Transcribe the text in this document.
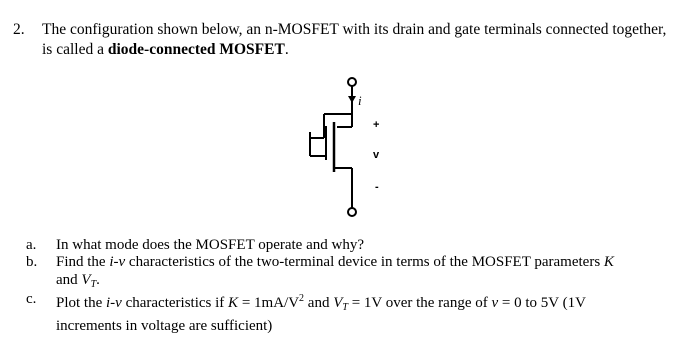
2. The configuration shown below, an n-MOSFET with its drain and gate terminals connected together, is called a diode-connected MOSFET.
i
+
v
-
a. In what mode does the MOSFET operate and why?
b. Find the i-v characteristics of the two-terminal device in terms of the MOSFET parameters K
and $V_T$.
c. Plot the i-v characteristics if $K = 1mA/V^2$ and $V_T = 1V$ over the range of v = 0 to 5V (1V
increments in voltage are sufficient)
